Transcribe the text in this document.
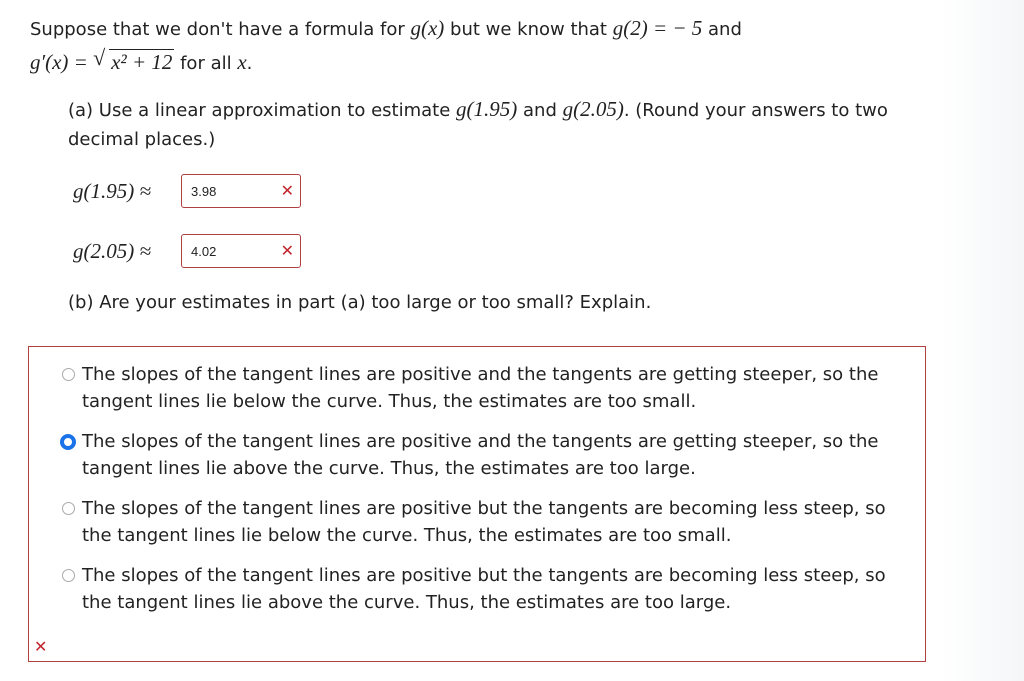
Suppose that we don't have a formula for g(x) but we know that g(2) = − 5 and
g′(x) = √ x² + 12 for all x.
(a) Use a linear approximation to estimate g(1.95) and g(2.05). (Round your answers to two decimal places.)
g(1.95) ≈	3.98	✕
g(2.05) ≈	4.02	✕
(b) Are your estimates in part (a) too large or too small? Explain.
The slopes of the tangent lines are positive and the tangents are getting steeper, so the tangent lines lie below the curve. Thus, the estimates are too small.
The slopes of the tangent lines are positive and the tangents are getting steeper, so the tangent lines lie above the curve. Thus, the estimates are too large.
The slopes of the tangent lines are positive but the tangents are becoming less steep, so the tangent lines lie below the curve. Thus, the estimates are too small.
The slopes of the tangent lines are positive but the tangents are becoming less steep, so the tangent lines lie above the curve. Thus, the estimates are too large.
✕
